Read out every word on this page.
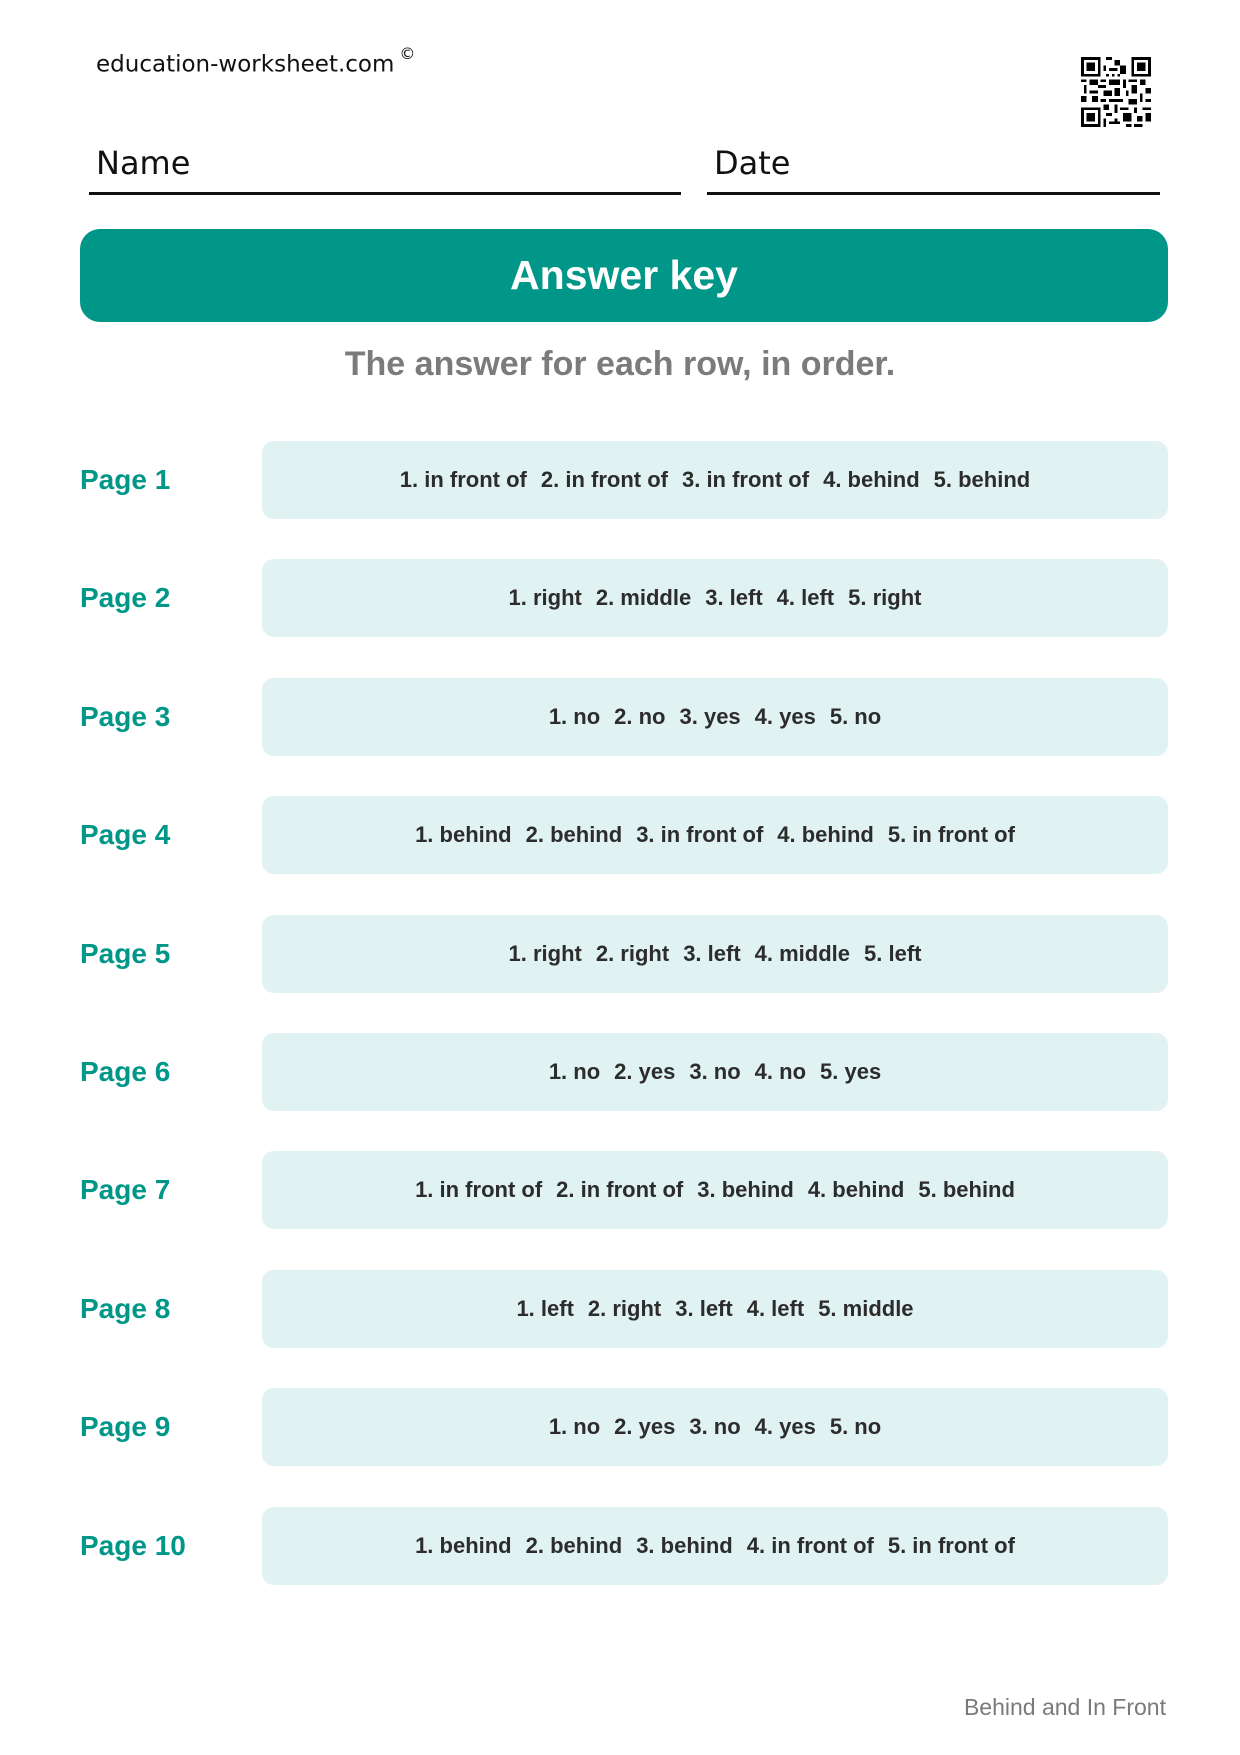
education-worksheet.com ©
Name	Date
Answer key
The answer for each row, in order.
Page 1	1. in front of 2. in front of 3. in front of 4. behind 5. behind
Page 2	1. right 2. middle 3. left 4. left 5. right
Page 3	1. no 2. no 3. yes 4. yes 5. no
Page 4	1. behind 2. behind 3. in front of 4. behind 5. in front of
Page 5	1. right 2. right 3. left 4. middle 5. left
Page 6	1. no 2. yes 3. no 4. no 5. yes
Page 7	1. in front of 2. in front of 3. behind 4. behind 5. behind
Page 8	1. left 2. right 3. left 4. left 5. middle
Page 9	1. no 2. yes 3. no 4. yes 5. no
Page 10	1. behind 2. behind 3. behind 4. in front of 5. in front of
Behind and In Front
